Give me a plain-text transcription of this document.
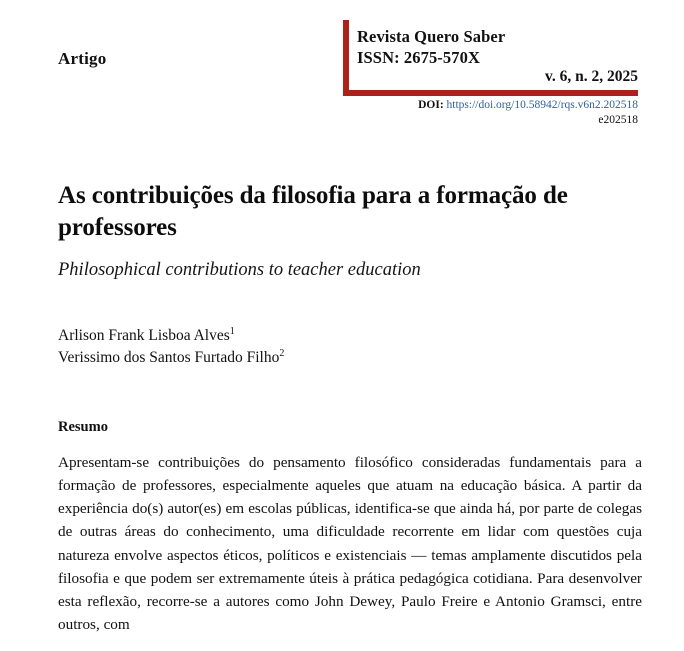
Artigo
Revista Quero Saber
ISSN: 2675-570X
v. 6, n. 2, 2025
DOI: https://doi.org/10.58942/rqs.v6n2.202518
e202518
As contribuições da filosofia para a formação de professores
Philosophical contributions to teacher education
Arlison Frank Lisboa Alves$^1$
Verissimo dos Santos Furtado Filho$^2$
Resumo

Apresentam-se contribuições do pensamento filosófico consideradas fundamentais para a formação de professores, especialmente aqueles que atuam na educação básica. A partir da experiência do(s) autor(es) em escolas públicas, identifica-se que ainda há, por parte de colegas de outras áreas do conhecimento, uma dificuldade recorrente em lidar com questões cuja natureza envolve aspectos éticos, políticos e existenciais — temas amplamente discutidos pela filosofia e que podem ser extremamente úteis à prática pedagógica cotidiana. Para desenvolver esta reflexão, recorre-se a autores como John Dewey, Paulo Freire e Antonio Gramsci, entre outros, com
